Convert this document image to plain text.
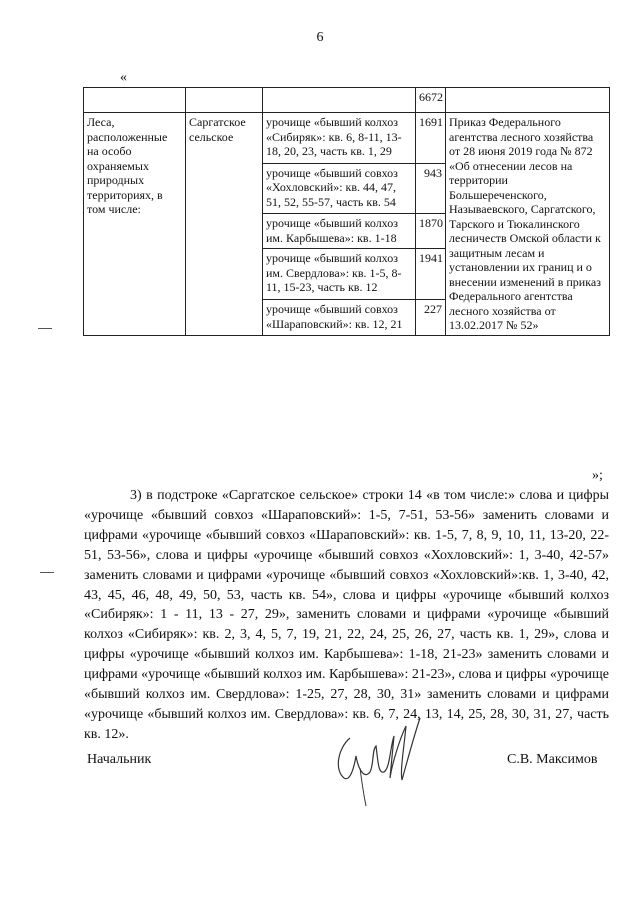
6
«
			6672	
Леса, расположенные на особо охраняемых природных территориях, в том числе:	Саргатское сельское	урочище «бывший колхоз «Сибиряк»: кв. 6, 8-11, 13-18, 20, 23, часть кв. 1, 29	1691	Приказ Федерального агентства лесного хозяйства от 28 июня 2019 года № 872 «Об отнесении лесов на территории Большереченского, Называевского, Саргатского, Тарского и Тюкалинского лесничеств Омской области к защитным лесам и установлении их границ и о внесении изменений в приказ Федерального агентства лесного хозяйства от 13.02.2017 № 52»
		урочище «бывший совхоз «Хохловский»: кв. 44, 47, 51, 52, 55-57, часть кв. 54	943	
		урочище «бывший колхоз им. Карбышева»: кв. 1-18	1870	
		урочище «бывший колхоз им. Свердлова»: кв. 1-5, 8-11, 15-23, часть кв. 12	1941	
		урочище «бывший совхоз «Шараповский»: кв. 12, 21	227	
»;

3) в подстроке «Саргатское сельское» строки 14 «в том числе:» слова и цифры «урочище «бывший совхоз «Шараповский»: 1-5, 7-51, 53-56» заменить словами и цифрами «урочище «бывший совхоз «Шараповский»: кв. 1-5, 7, 8, 9, 10, 11, 13-20, 22-51, 53-56», слова и цифры «урочище «бывший совхоз «Хохловский»: 1, 3-40, 42-57» заменить словами и цифрами «урочище «бывший совхоз «Хохловский»:кв. 1, 3-40, 42, 43, 45, 46, 48, 49, 50, 53, часть кв. 54», слова и цифры «урочище «бывший колхоз «Сибиряк»: 1 - 11, 13 - 27, 29», заменить словами и цифрами «урочище «бывший колхоз «Сибиряк»: кв. 2, 3, 4, 5, 7, 19, 21, 22, 24, 25, 26, 27, часть кв. 1, 29», слова и цифры «урочище «бывший колхоз им. Карбышева»: 1-18, 21-23» заменить словами и цифрами «урочище «бывший колхоз им. Карбышева»: 21-23», слова и цифры «урочище «бывший колхоз им. Свердлова»: 1-25, 27, 28, 30, 31» заменить словами и цифрами «урочище «бывший колхоз им. Свердлова»: кв. 6, 7, 24, 13, 14, 25, 28, 30, 31, 27, часть кв. 12».

Начальник	С.В. Максимов
